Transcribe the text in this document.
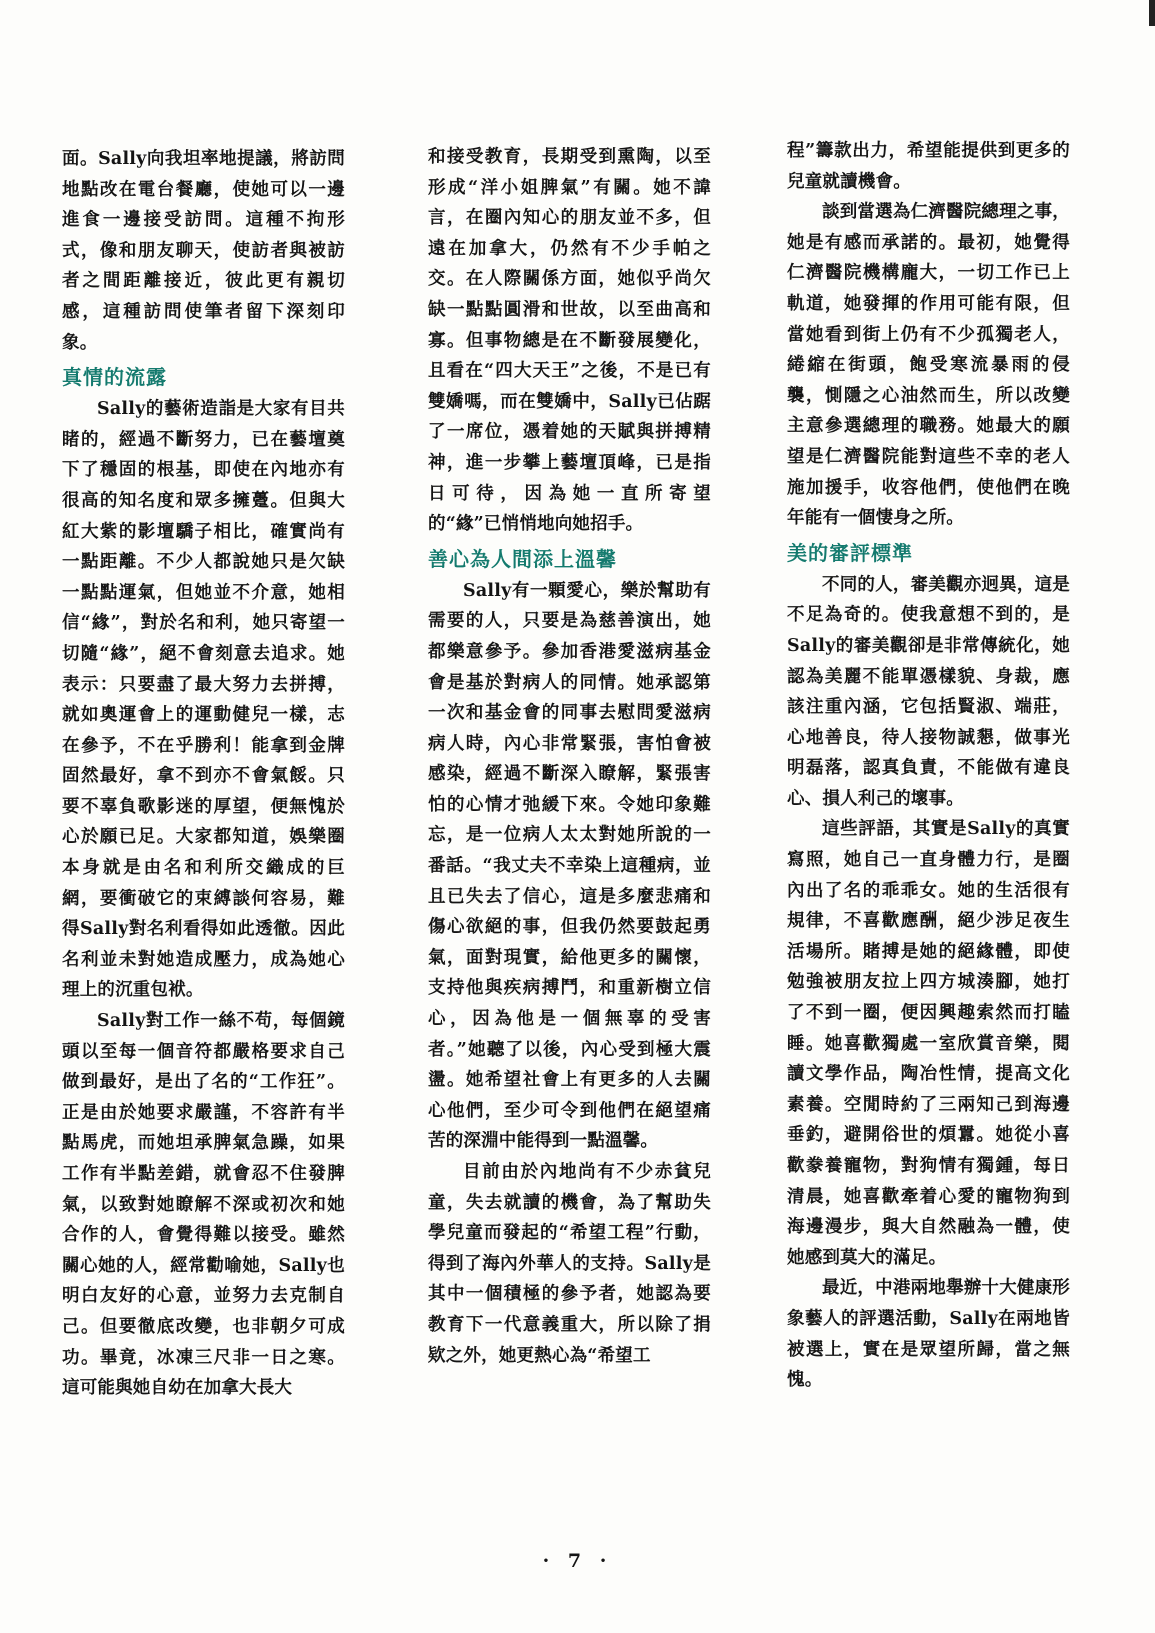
面。Sally向我坦率地提議，將訪問地點改在電台餐廳，使她可以一邊進食一邊接受訪問。這種不拘形式，像和朋友聊天，使訪者與被訪者之間距離接近，彼此更有親切感，這種訪問使筆者留下深刻印象。

真情的流露

Sally的藝術造詣是大家有目共睹的，經過不斷努力，已在藝壇奠下了穩固的根基，即使在內地亦有很高的知名度和眾多擁躉。但與大紅大紫的影壇驕子相比，確實尚有一點距離。不少人都說她只是欠缺一點點運氣，但她並不介意，她相信“緣”，對於名和利，她只寄望一切隨“緣”，絕不會刻意去追求。她表示：只要盡了最大努力去拼搏，就如奧運會上的運動健兒一樣，志在參予，不在乎勝利！能拿到金牌固然最好，拿不到亦不會氣餒。只要不辜負歌影迷的厚望，便無愧於心於願已足。大家都知道，娛樂圈本身就是由名和利所交織成的巨網，要衝破它的束縛談何容易，難得Sally對名利看得如此透徹。因此名利並未對她造成壓力，成為她心理上的沉重包袱。

Sally對工作一絲不苟，每個鏡頭以至每一個音符都嚴格要求自己做到最好，是出了名的“工作狂”。正是由於她要求嚴謹，不容許有半點馬虎，而她坦承脾氣急躁，如果工作有半點差錯，就會忍不住發脾氣，以致對她瞭解不深或初次和她合作的人，會覺得難以接受。雖然關心她的人，經常勸喻她，Sally也明白友好的心意，並努力去克制自己。但要徹底改變，也非朝夕可成功。畢竟，冰凍三尺非一日之寒。這可能與她自幼在加拿大長大

和接受教育，長期受到熏陶，以至形成“洋小姐脾氣”有關。她不諱言，在圈內知心的朋友並不多，但遠在加拿大，仍然有不少手帕之交。在人際關係方面，她似乎尚欠缺一點點圓滑和世故，以至曲高和寡。但事物總是在不斷發展變化，且看在“四大天王”之後，不是已有雙嬌嗎，而在雙嬌中，Sally已佔踞了一席位，憑着她的天賦與拼搏精神，進一步攀上藝壇頂峰，已是指日可待，因為她一直所寄望的“緣”已悄悄地向她招手。

善心為人間添上溫馨

Sally有一顆愛心，樂於幫助有需要的人，只要是為慈善演出，她都樂意參予。參加香港愛滋病基金會是基於對病人的同情。她承認第一次和基金會的同事去慰問愛滋病病人時，內心非常緊張，害怕會被感染，經過不斷深入瞭解，緊張害怕的心情才弛緩下來。令她印象難忘，是一位病人太太對她所說的一番話。“我丈夫不幸染上這種病，並且已失去了信心，這是多麼悲痛和傷心欲絕的事，但我仍然要鼓起勇氣，面對現實，給他更多的關懷，支持他與疾病搏鬥，和重新樹立信心，因為他是一個無辜的受害者。”她聽了以後，內心受到極大震盪。她希望社會上有更多的人去關心他們，至少可令到他們在絕望痛苦的深淵中能得到一點溫馨。

目前由於內地尚有不少赤貧兒童，失去就讀的機會，為了幫助失學兒童而發起的“希望工程”行動，得到了海內外華人的支持。Sally是其中一個積極的參予者，她認為要教育下一代意義重大，所以除了捐欵之外，她更熱心為“希望工

程”籌款出力，希望能提供到更多的兒童就讀機會。

談到當選為仁濟醫院總理之事，她是有感而承諾的。最初，她覺得仁濟醫院機構龐大，一切工作已上軌道，她發揮的作用可能有限，但當她看到街上仍有不少孤獨老人，綣縮在街頭，飽受寒流暴雨的侵襲，惻隱之心油然而生，所以改變主意參選總理的職務。她最大的願望是仁濟醫院能對這些不幸的老人施加援手，收容他們，使他們在晚年能有一個悽身之所。

美的審評標準

不同的人，審美觀亦迥異，這是不足為奇的。使我意想不到的，是Sally的審美觀卻是非常傳統化，她認為美麗不能單憑樣貌、身裁，應該注重內涵，它包括賢淑、端莊，心地善良，待人接物誠懇，做事光明磊落，認真負責，不能做有違良心、損人利己的壞事。

這些評語，其實是Sally的真實寫照，她自己一直身體力行，是圈內出了名的乖乖女。她的生活很有規律，不喜歡應酬，絕少涉足夜生活場所。賭搏是她的絕緣體，即使勉強被朋友拉上四方城湊腳，她打了不到一圈，便因興趣索然而打瞌睡。她喜歡獨處一室欣賞音樂，閱讀文學作品，陶冶性情，提高文化素養。空閒時約了三兩知己到海邊垂釣，避開俗世的煩囂。她從小喜歡豢養寵物，對狗情有獨鍾，每日清晨，她喜歡牽着心愛的寵物狗到海邊漫步，與大自然融為一體，使她感到莫大的滿足。

最近，中港兩地舉辦十大健康形象藝人的評選活動，Sally在兩地皆被選上，實在是眾望所歸，當之無愧。

· 7 ·
